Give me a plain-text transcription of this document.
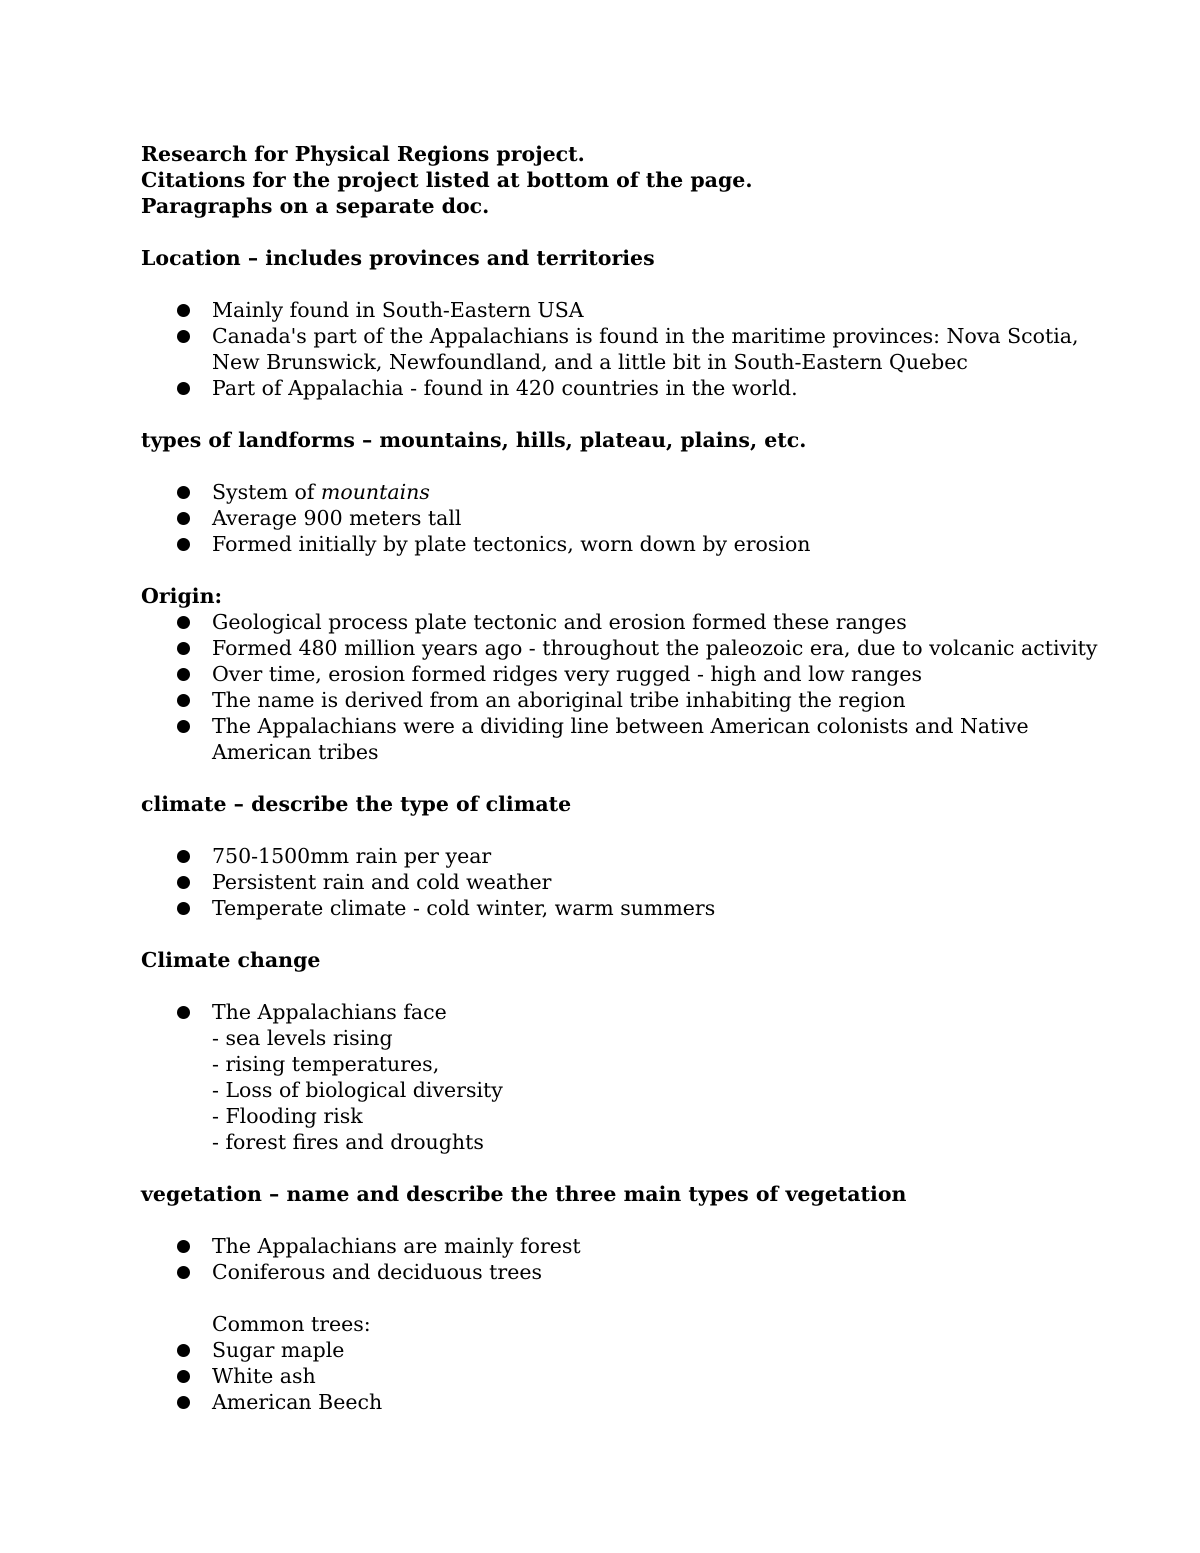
Research for Physical Regions project.

Citations for the project listed at bottom of the page.

Paragraphs on a separate doc.

Location – includes provinces and territories

Mainly found in South-Eastern USA
Canada's part of the Appalachians is found in the maritime provinces: Nova Scotia, New Brunswick, Newfoundland, and a little bit in South-Eastern Quebec
Part of Appalachia - found in 420 countries in the world.

types of landforms – mountains, hills, plateau, plains, etc.

System of mountains
Average 900 meters tall
Formed initially by plate tectonics, worn down by erosion

Origin:

Geological process plate tectonic and erosion formed these ranges
Formed 480 million years ago - throughout the paleozoic era, due to volcanic activity
Over time, erosion formed ridges very rugged - high and low ranges
The name is derived from an aboriginal tribe inhabiting the region
The Appalachians were a dividing line between American colonists and Native American tribes

climate – describe the type of climate

750-1500mm rain per year
Persistent rain and cold weather
Temperate climate - cold winter, warm summers

Climate change

The Appalachians face
- sea levels rising
- rising temperatures,
- Loss of biological diversity
- Flooding risk
- forest fires and droughts

vegetation – name and describe the three main types of vegetation

The Appalachians are mainly forest
Coniferous and deciduous trees

Common trees:

Sugar maple
White ash
American Beech
